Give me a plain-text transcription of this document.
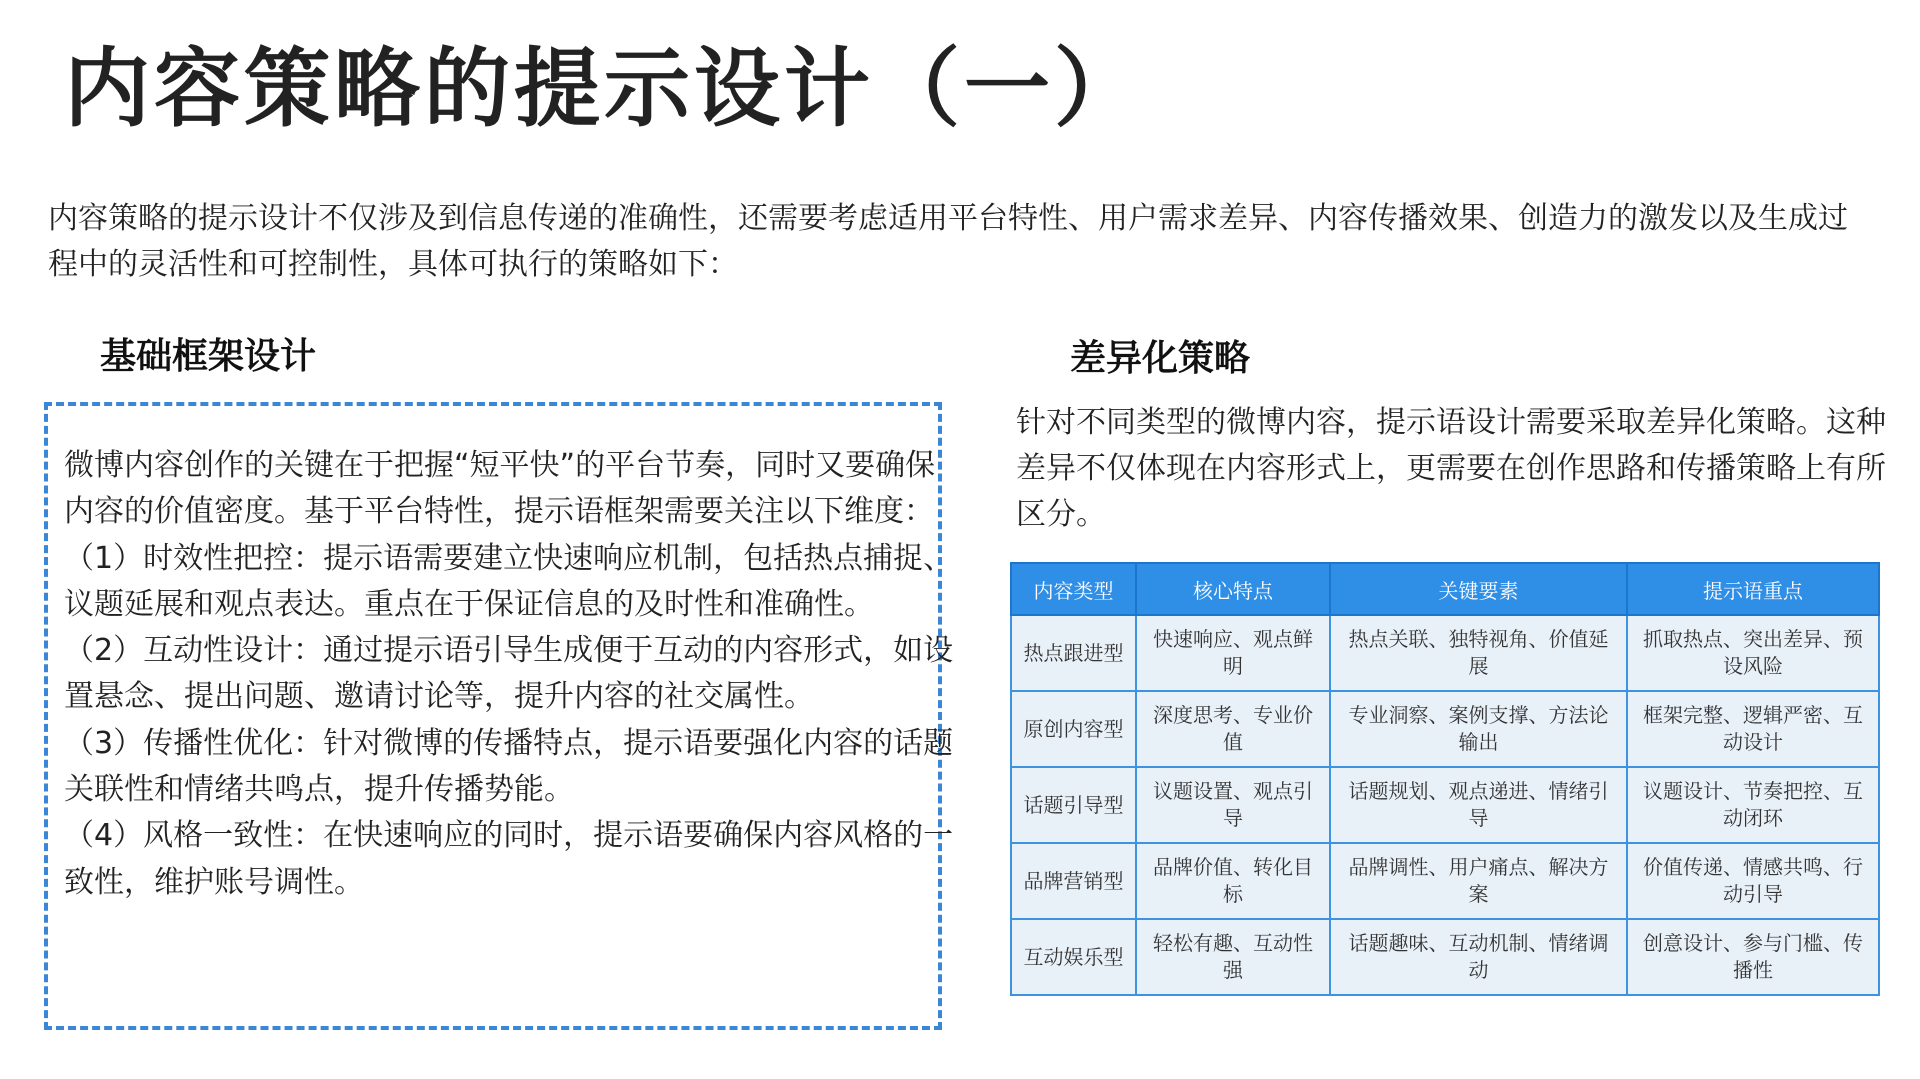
内容策略的提示设计（一）
内容策略的提示设计不仅涉及到信息传递的准确性，还需要考虑适用平台特性、用户需求差异、内容传播效果、创造力的激发以及生成过程中的灵活性和可控制性，具体可执行的策略如下：
基础框架设计

微博内容创作的关键在于把握“短平快”的平台节奏，同时又要确保内容的价值密度。基于平台特性，提示语框架需要关注以下维度：

（1）时效性把控：提示语需要建立快速响应机制，包括热点捕捉、议题延展和观点表达。重点在于保证信息的及时性和准确性。

（2）互动性设计：通过提示语引导生成便于互动的内容形式，如设置悬念、提出问题、邀请讨论等，提升内容的社交属性。

（3）传播性优化：针对微博的传播特点，提示语要强化内容的话题关联性和情绪共鸣点，提升传播势能。

（4）风格一致性：在快速响应的同时，提示语要确保内容风格的一致性，维护账号调性。

差异化策略
针对不同类型的微博内容，提示语设计需要采取差异化策略。这种差异不仅体现在内容形式上，更需要在创作思路和传播策略上有所区分。
内容类型	核心特点	关键要素	提示语重点
热点跟进型	快速响应、观点鲜明	热点关联、独特视角、价值延展	抓取热点、突出差异、预设风险
原创内容型	深度思考、专业价值	专业洞察、案例支撑、方法论输出	框架完整、逻辑严密、互动设计
话题引导型	议题设置、观点引导	话题规划、观点递进、情绪引导	议题设计、节奏把控、互动闭环
品牌营销型	品牌价值、转化目标	品牌调性、用户痛点、解决方案	价值传递、情感共鸣、行动引导
互动娱乐型	轻松有趣、互动性强	话题趣味、互动机制、情绪调动	创意设计、参与门槛、传播性
